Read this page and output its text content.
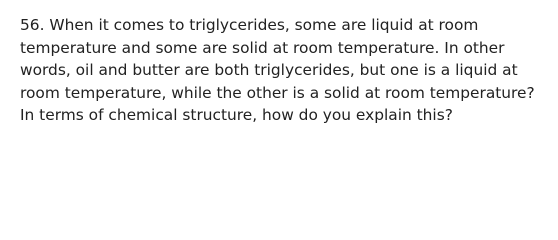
56. When it comes to triglycerides, some are liquid at room temperature and some are solid at room temperature. In other words, oil and butter are both triglycerides, but one is a liquid at room temperature, while the other is a solid at room temperature? In terms of chemical structure, how do you explain this?
